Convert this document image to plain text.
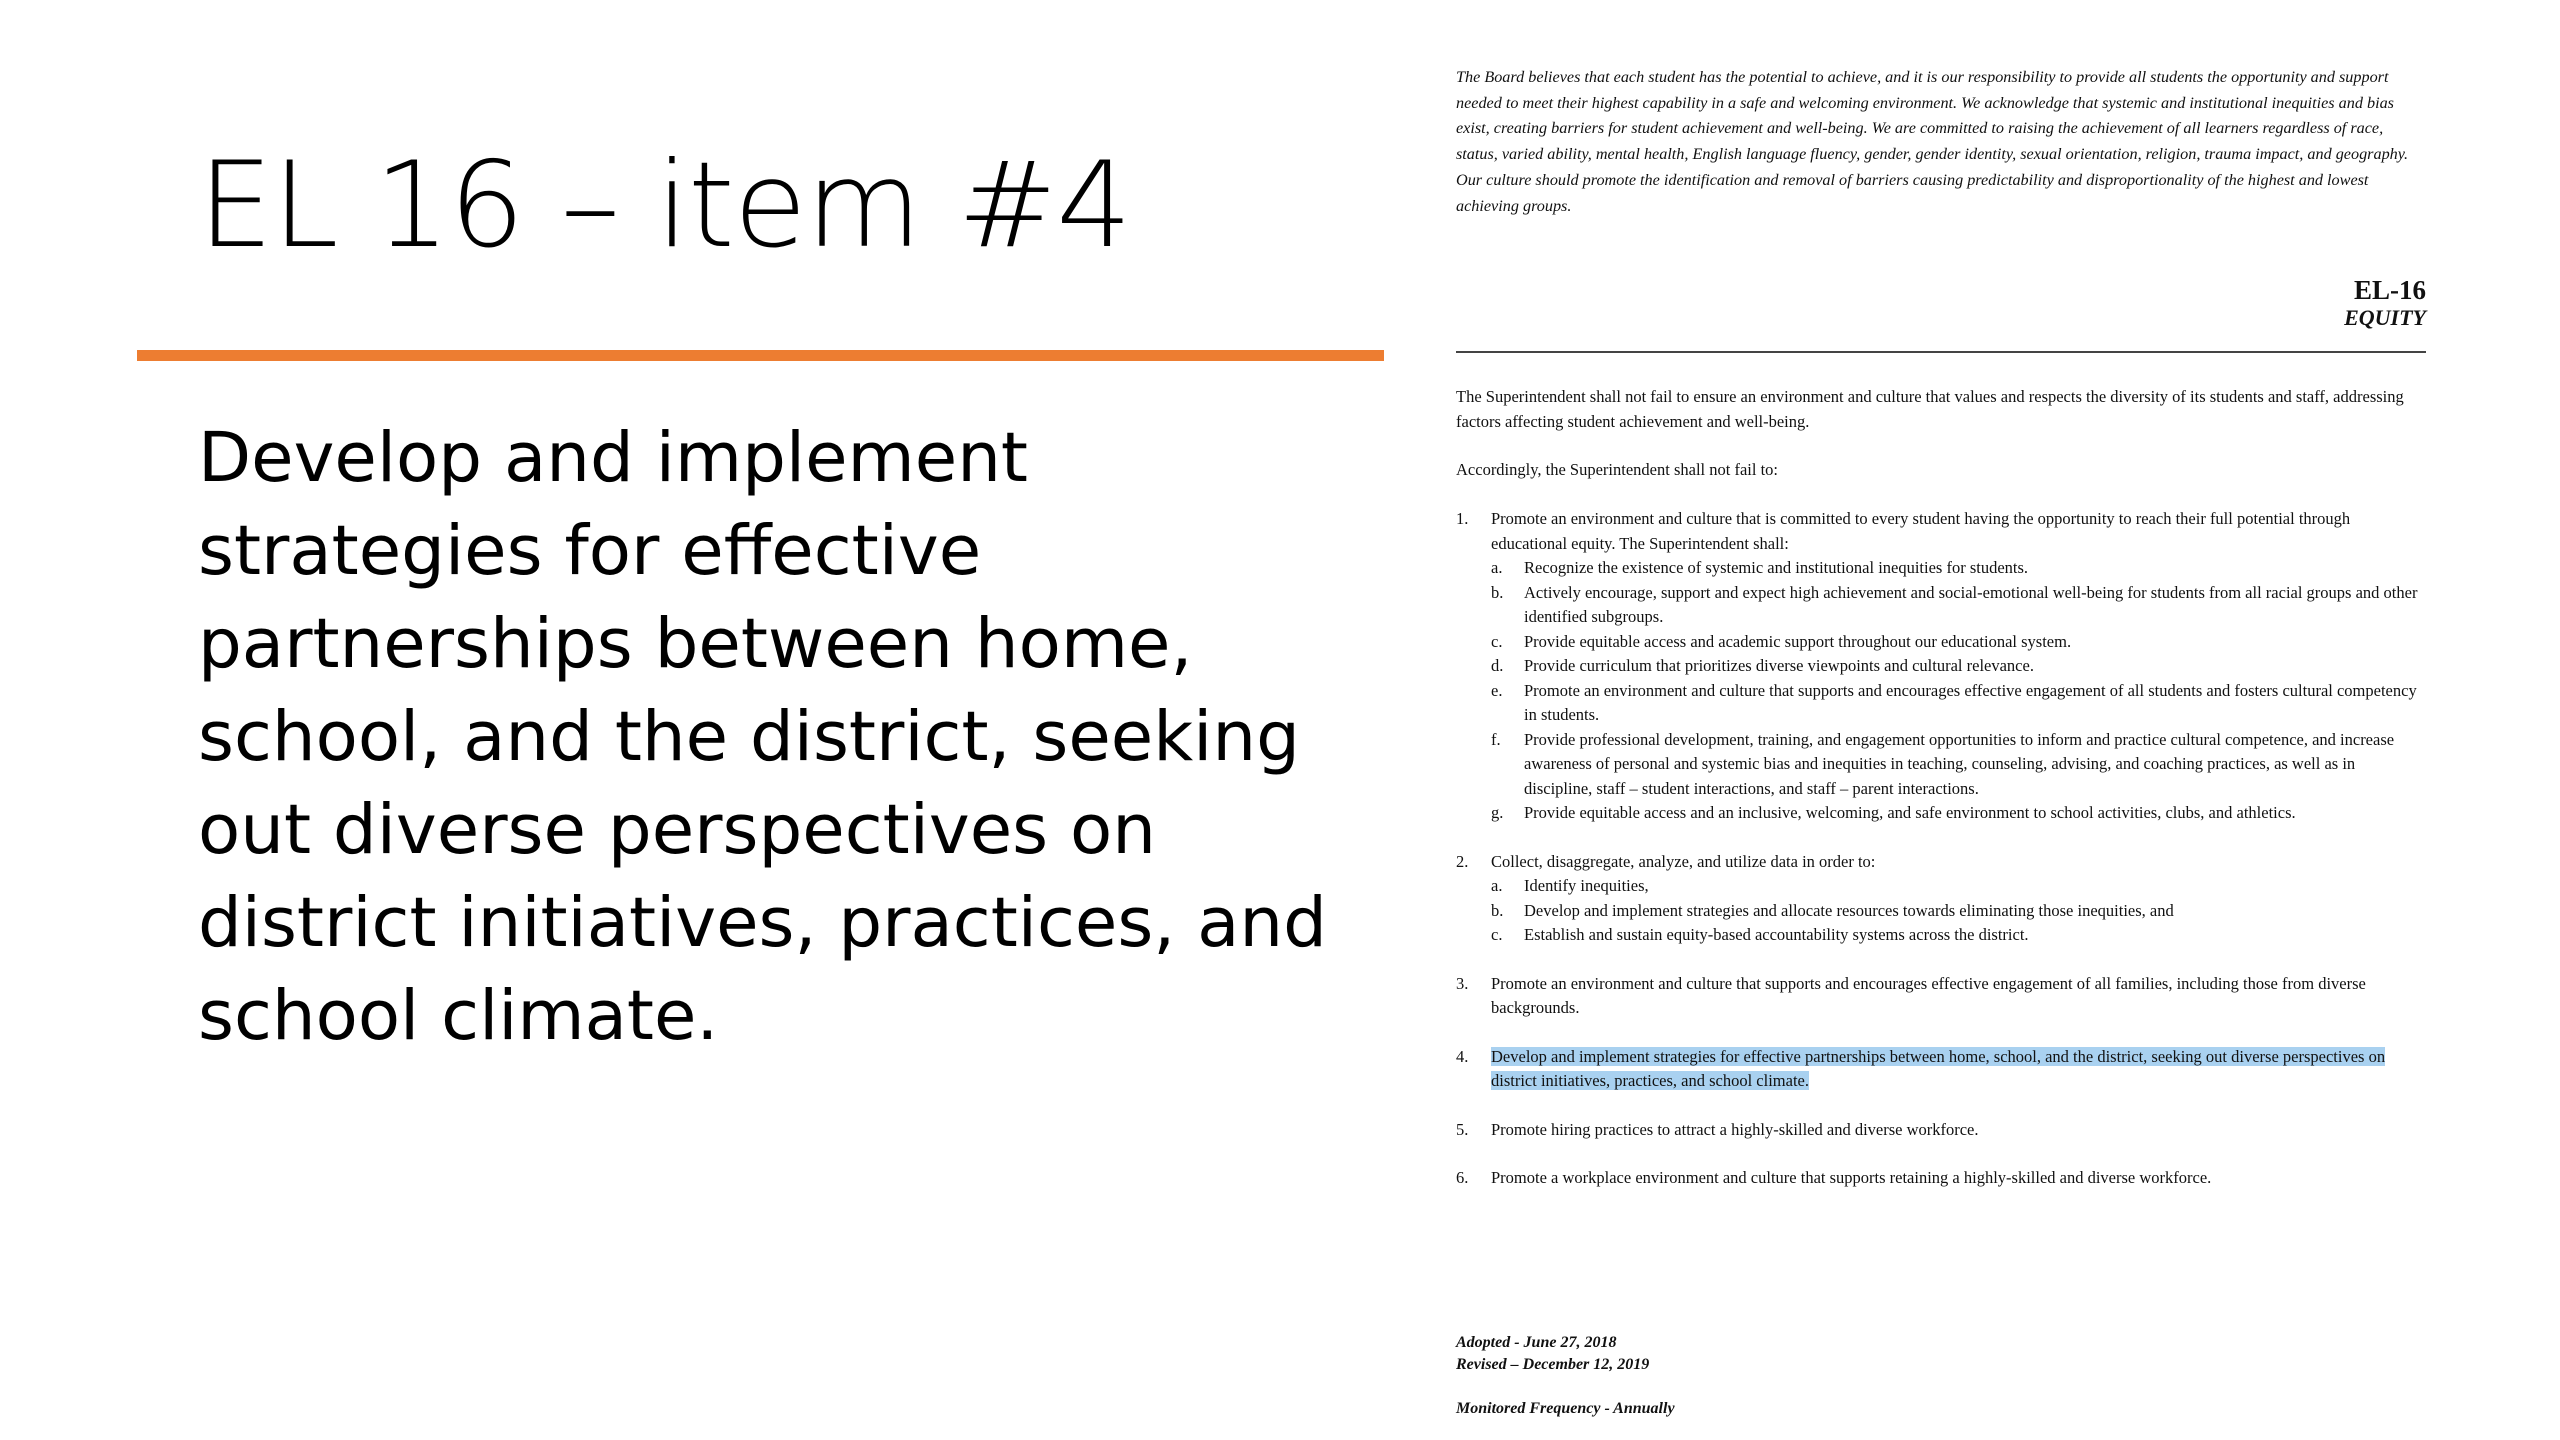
EL 16 – item #4
Develop and implement strategies for effective partnerships between home, school, and the district, seeking out diverse perspectives on district initiatives, practices, and school climate.
The Board believes that each student has the potential to achieve, and it is our responsibility to provide all students the opportunity and support needed to meet their highest capability in a safe and welcoming environment. We acknowledge that systemic and institutional inequities and bias exist, creating barriers for student achievement and well-being. We are committed to raising the achievement of all learners regardless of race, status, varied ability, mental health, English language fluency, gender, gender identity, sexual orientation, religion, trauma impact, and geography. Our culture should promote the identification and removal of barriers causing predictability and disproportionality of the highest and lowest achieving groups.
EL-16
EQUITY
The Superintendent shall not fail to ensure an environment and culture that values and respects the diversity of its students and staff, addressing factors affecting student achievement and well-being.
Accordingly, the Superintendent shall not fail to:
1. Promote an environment and culture that is committed to every student having the opportunity to reach their full potential through educational equity. The Superintendent shall:
a. Recognize the existence of systemic and institutional inequities for students.
b. Actively encourage, support and expect high achievement and social-emotional well-being for students from all racial groups and other identified subgroups.
c. Provide equitable access and academic support throughout our educational system.
d. Provide curriculum that prioritizes diverse viewpoints and cultural relevance.
e. Promote an environment and culture that supports and encourages effective engagement of all students and fosters cultural competency in students.
f. Provide professional development, training, and engagement opportunities to inform and practice cultural competence, and increase awareness of personal and systemic bias and inequities in teaching, counseling, advising, and coaching practices, as well as in discipline, staff – student interactions, and staff – parent interactions.
g. Provide equitable access and an inclusive, welcoming, and safe environment to school activities, clubs, and athletics.
2. Collect, disaggregate, analyze, and utilize data in order to:
a. Identify inequities,
b. Develop and implement strategies and allocate resources towards eliminating those inequities, and
c. Establish and sustain equity-based accountability systems across the district.
3. Promote an environment and culture that supports and encourages effective engagement of all families, including those from diverse backgrounds.
4. Develop and implement strategies for effective partnerships between home, school, and the district, seeking out diverse perspectives on district initiatives, practices, and school climate.
5. Promote hiring practices to attract a highly-skilled and diverse workforce.
6. Promote a workplace environment and culture that supports retaining a highly-skilled and diverse workforce.
Adopted - June 27, 2018
Revised – December 12, 2019
Monitored Frequency - Annually
